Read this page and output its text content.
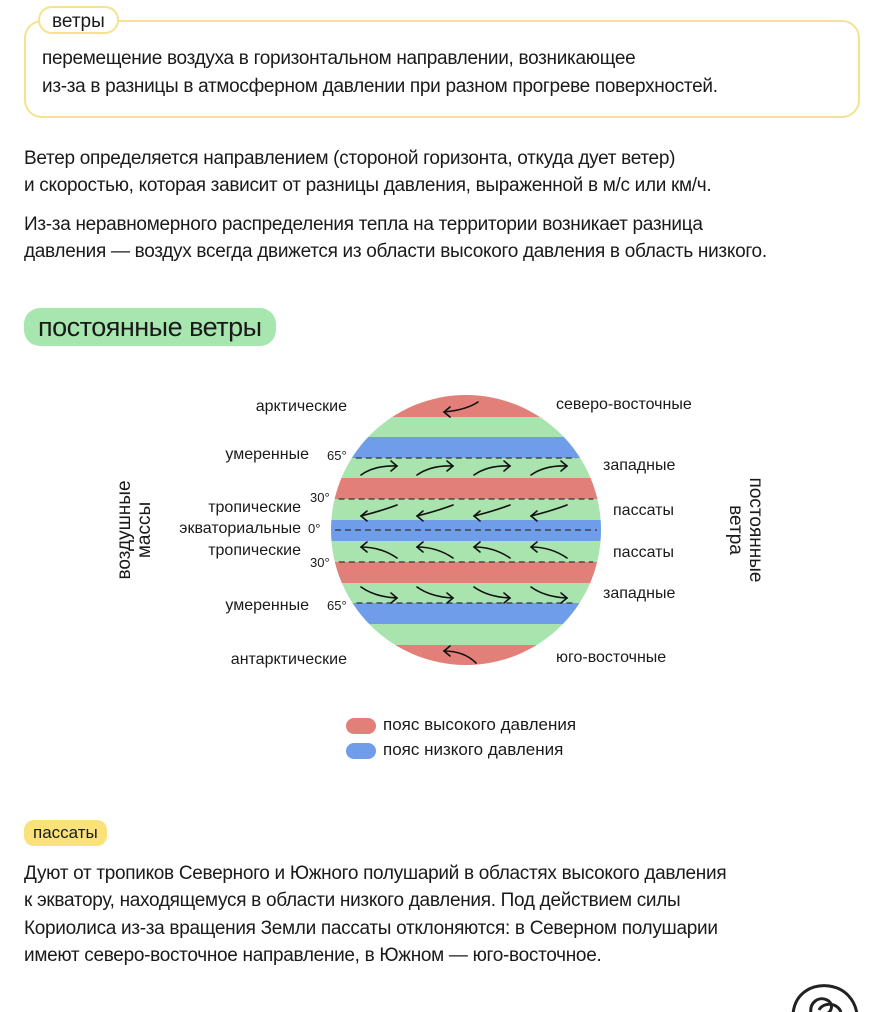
ветры
перемещение воздуха в горизонтальном направлении, возникающее
из-за в разницы в атмосферном давлении при разном прогреве поверхностей.
Ветер определяется направлением (стороной горизонта, откуда дует ветер)
и скоростью, которая зависит от разницы давления, выраженной в м/с или км/ч.
Из-за неравномерного распределения тепла на территории возникает разница
давления — воздух всегда движется из области высокого давления в область низкого.
постоянные ветры
воздушные массы	постоянные
ветра
арктические
умеренные
тропические
экваториальные
тропические
умеренные
антарктические
65°
30°
0°
30°
65°
северо-восточные
западные
пассаты
пассаты
западные
юго-восточные
пояс высокого давления
пояс низкого давления
пассаты
Дуют от тропиков Северного и Южного полушарий в областях высокого давления
к экватору, находящемуся в области низкого давления. Под действием силы
Кориолиса из-за вращения Земли пассаты отклоняются: в Северном полушарии
имеют северо-восточное направление, в Южном — юго-восточное.
